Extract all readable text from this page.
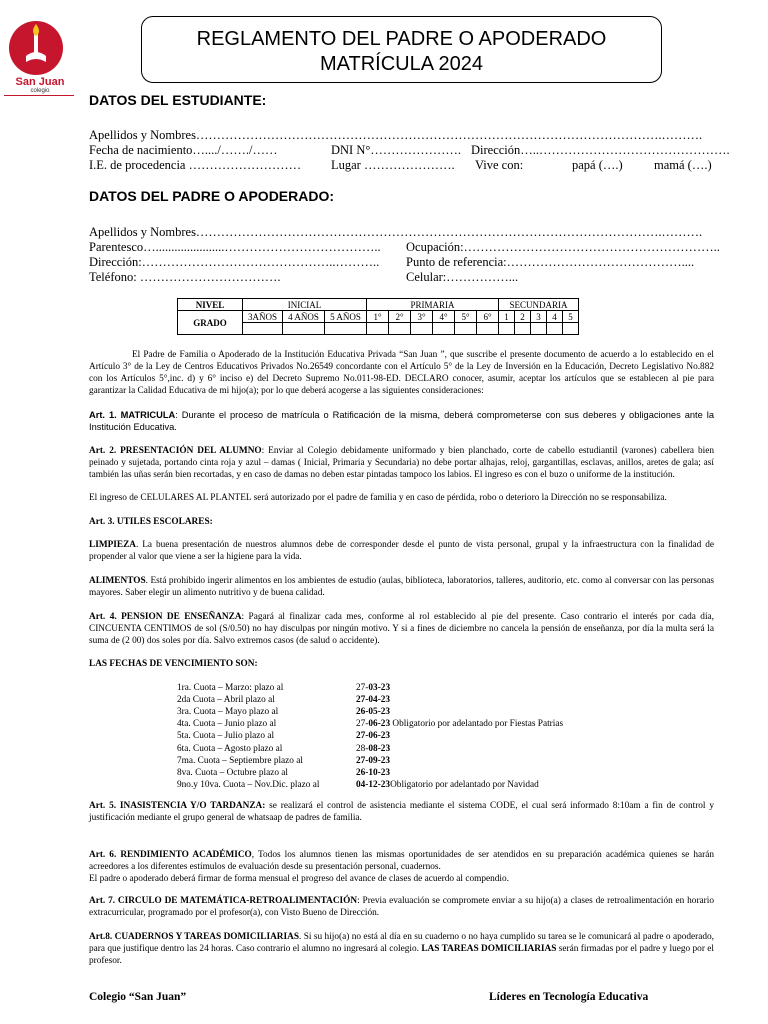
San Juan
colegio
REGLAMENTO DEL PADRE O APODERADO
MATRÍCULA 2024
DATOS DEL ESTUDIANTE:
Apellidos y Nombres………………………………………………………………………………………………….……….
Fecha de nacimiento…..../……./……	DNI N°…………………. Dirección…..……………………………………….
I.E. de procedencia ……………………… Lugar …………………. Vive con:	papá (….)	mamá (….)
DATOS DEL PADRE O APODERADO:
Apellidos y Nombres………………………………………………………………………………………………….……….
Parentesco…......................……………………………….. Ocupación:……………………………………………………..
Dirección:………………………………………..……….. Punto de referencia:……………………………………....
Teléfono: …………………………….	Celular:……………...
NIVEL	INICIAL			PRIMARIA						SECUNDARIA				
GRADO	3AÑOS	4 AÑOS	5 AÑOS	1°	2°	3°	4°	5°	6°	1	2	3	4	5

El Padre de Familia o Apoderado de la Institución Educativa Privada “San Juan ”, que suscribe el presente documento de acuerdo a lo establecido en el Artículo 3° de la Ley de Centros Educativos Privados No.26549 concordante con el Artículo 5° de la Ley de Inversión en la Educación, Decreto Legislativo No.882 con los Artículos 5°,inc. d) y 6° inciso e) del Decreto Supremo No.011-98-ED. DECLARO conocer, asumir, aceptar los artículos que se establecen al pie para garantizar la Calidad Educativa de mi hijo(a); por lo que deberá acogerse a las siguientes consideraciones:
Art. 1. MATRICULA: Durante el proceso de matrícula o Ratificación de la misma, deberá comprometerse con sus deberes y obligaciones ante la Institución Educativa.
Art. 2. PRESENTACIÓN DEL ALUMNO: Enviar al Colegio debidamente uniformado y bien planchado, corte de cabello estudiantil (varones) cabellera bien peinado y sujetada, portando cinta roja y azul – damas ( Inicial, Primaria y Secundaria) no debe portar alhajas, reloj, gargantillas, esclavas, anillos, aretes de gala; así también las uñas serán bien recortadas, y en caso de damas no deben estar pintadas tampoco los labios. El ingreso es con el buzo o uniforme de la institución.
El ingreso de CELULARES AL PLANTEL será autorizado por el padre de familia y en caso de pérdida, robo o deterioro la Dirección no se responsabiliza.
Art. 3. UTILES ESCOLARES:
LIMPIEZA. La buena presentación de nuestros alumnos debe de corresponder desde el punto de vista personal, grupal y la infraestructura con la finalidad de propender al valor que viene a ser la higiene para la vida.
ALIMENTOS. Está prohibido ingerir alimentos en los ambientes de estudio (aulas, biblioteca, laboratorios, talleres, auditorio, etc. como al conversar con las personas mayores. Saber elegir un alimento nutritivo y de buena calidad.
Art. 4. PENSION DE ENSEÑANZA: Pagará al finalizar cada mes, conforme al rol establecido al pie del presente. Caso contrario el interés por cada día, CINCUENTA CENTIMOS de sol (S/0.50) no hay disculpas por ningún motivo. Y si a fines de diciembre no cancela la pensión de enseñanza, por día la multa será la suma de (2 00) dos soles por día. Salvo extremos casos (de salud o accidente).
LAS FECHAS DE VENCIMIENTO SON:
1ra. Cuota – Marzo: plazo al	27-03-23
2da Cuota – Abril plazo al	27-04-23
3ra. Cuota – Mayo plazo al	26-05-23
4ta. Cuota – Junio plazo al	27-06-23 Obligatorio por adelantado por Fiestas Patrias
5ta. Cuota – Julio plazo al	27-06-23
6ta. Cuota – Agosto plazo al	28-08-23
7ma. Cuota – Septiembre plazo al	27-09-23
8va. Cuota – Octubre plazo al	26-10-23
9no.y 10va. Cuota – Nov.Dic. plazo al	04-12-23Obligatorio por adelantado por Navidad
Art. 5. INASISTENCIA Y/O TARDANZA: se realizará el control de asistencia mediante el sistema CODE, el cual será informado 8:10am a fin de control y justificación mediante el grupo general de whatsaap de padres de familia.
Art. 6. RENDIMIENTO ACADÉMICO, Todos los alumnos tienen las mismas oportunidades de ser atendidos en su preparación académica quienes se harán acreedores a los diferentes estímulos de evaluación desde su presentación personal, cuadernos.
El padre o apoderado deberá firmar de forma mensual el progreso del avance de clases de acuerdo al compendio.
Art. 7. CIRCULO DE MATEMÁTICA-RETROALIMENTACIÓN: Previa evaluación se compromete enviar a su hijo(a) a clases de retroalimentación en horario extracurricular, programado por el profesor(a), con Visto Bueno de Dirección.
Art.8. CUADERNOS Y TAREAS DOMICILIARIAS. Si su hijo(a) no está al día en su cuaderno o no haya cumplido su tarea se le comunicará al padre o apoderado, para que justifique dentro las 24 horas. Caso contrario el alumno no ingresará al colegio. LAS TAREAS DOMICILIARIAS serán firmadas por el padre y luego por el profesor.
Colegio “San Juan”	Líderes en Tecnología Educativa
